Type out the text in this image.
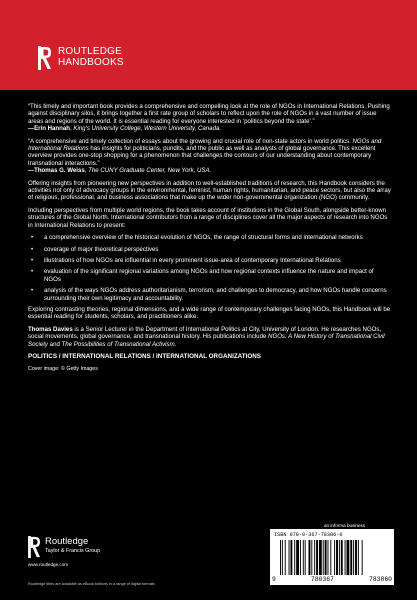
ROUTLEDGE
HANDBOOKS

“This timely and important book provides a comprehensive and compelling look at the role of NGOs in International Relations. Pushing against disciplinary silos, it brings together a first rate group of scholars to reflect upon the role of NGOs in a vast number of issue areas and regions of the world. It is essential reading for everyone interested in ‘politics beyond the state’.”
—Erin Hannah, King’s University College, Western University, Canada.

“A comprehensive and timely collection of essays about the growing and crucial role of non-state actors in world politics. NGOs and International Relations has insights for politicians, pundits, and the public as well as analysts of global governance. This excellent overview provides one-stop shopping for a phenomenon that challenges the contours of our understanding about contemporary transnational interactions.”
—Thomas G. Weiss, The CUNY Graduate Center, New York, USA.

Offering insights from pioneering new perspectives in addition to well-established traditions of research, this Handbook considers the activities not only of advocacy groups in the environmental, feminist, human rights, humanitarian, and peace sectors, but also the array of religious, professional, and business associations that make up the wider non-governmental organization (NGO) community.

Including perspectives from multiple world regions, the book takes account of institutions in the Global South, alongside better-known structures of the Global North. International contributors from a range of disciplines cover all the major aspects of research into NGOs in International Relations to present:

• a comprehensive overview of the historical evolution of NGOs, the range of structural forms and international networks
• coverage of major theoretical perspectives
• illustrations of how NGOs are influential in every prominent issue-area of contemporary International Relations
• evaluation of the significant regional variations among NGOs and how regional contexts influence the nature and impact of NGOs
• analysis of the ways NGOs address authoritarianism, terrorism, and challenges to democracy, and how NGOs handle concerns surrounding their own legitimacy and accountability.

Exploring contrasting theories, regional dimensions, and a wide range of contemporary challenges facing NGOs, this Handbook will be essential reading for students, scholars, and practitioners alike.

Thomas Davies is a Senior Lecturer in the Department of International Politics at City, University of London. He researches NGOs, social movements, global governance, and transnational history. His publications include NGOs: A New History of Transnational Civil Society and The Possibilities of Transnational Activism.

POLITICS / INTERNATIONAL RELATIONS / INTERNATIONAL ORGANIZATIONS
Cover image: © Getty Images
Routledge
Taylor & Francis Group
www.routledge.com
Routledge titles are available as eBook editions in a range of digital formats
an informa business
ISBN 978-0-367-78386-0
9	780367	783860
